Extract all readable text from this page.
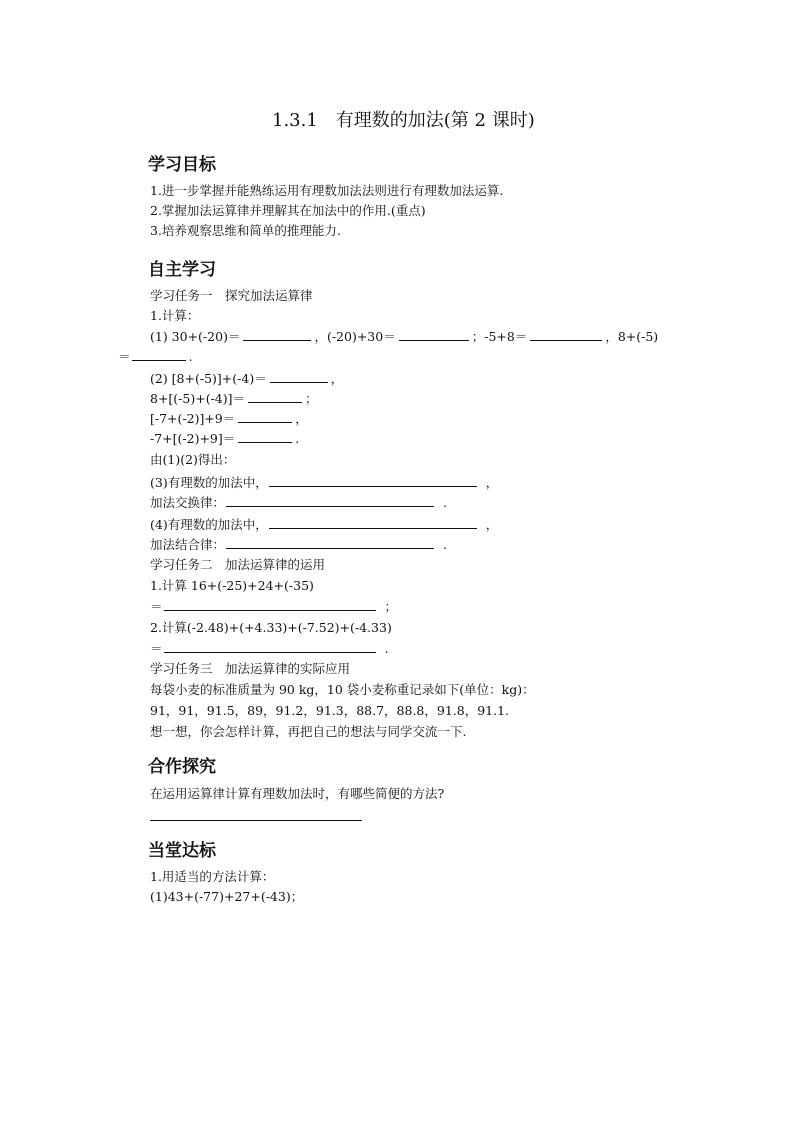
1.3.1　有理数的加法(第 2 课时)
学习目标
1.进一步掌握并能熟练运用有理数加法法则进行有理数加法运算.
2.掌握加法运算律并理解其在加法中的作用.(重点)
3.培养观察思维和简单的推理能力.
自主学习
学习任务一　探究加法运算律
1.计算：
(1) 30+(-20)＝	，(-20)+30＝	；-5+8＝	，8+(-5)
＝	.
(2) [8+(-5)]+(-4)＝	，
8+[(-5)+(-4)]＝	；
[-7+(-2)]+9＝	，
-7+[(-2)+9]＝	.
由(1)(2)得出：
(3)有理数的加法中，	，
加法交换律：	.
(4)有理数的加法中，	，
加法结合律：	.
学习任务二　加法运算律的运用
1.计算 16+(-25)+24+(-35)
＝	；
2.计算(-2.48)+(+4.33)+(-7.52)+(-4.33)
＝	.
学习任务三　加法运算律的实际应用
每袋小麦的标准质量为 90 kg，10 袋小麦称重记录如下(单位：kg)：
91，91，91.5，89，91.2，91.3，88.7，88.8，91.8，91.1.
想一想，你会怎样计算，再把自己的想法与同学交流一下.
合作探究
在运用运算律计算有理数加法时，有哪些简便的方法?
当堂达标
1.用适当的方法计算：
(1)43+(-77)+27+(-43)；
